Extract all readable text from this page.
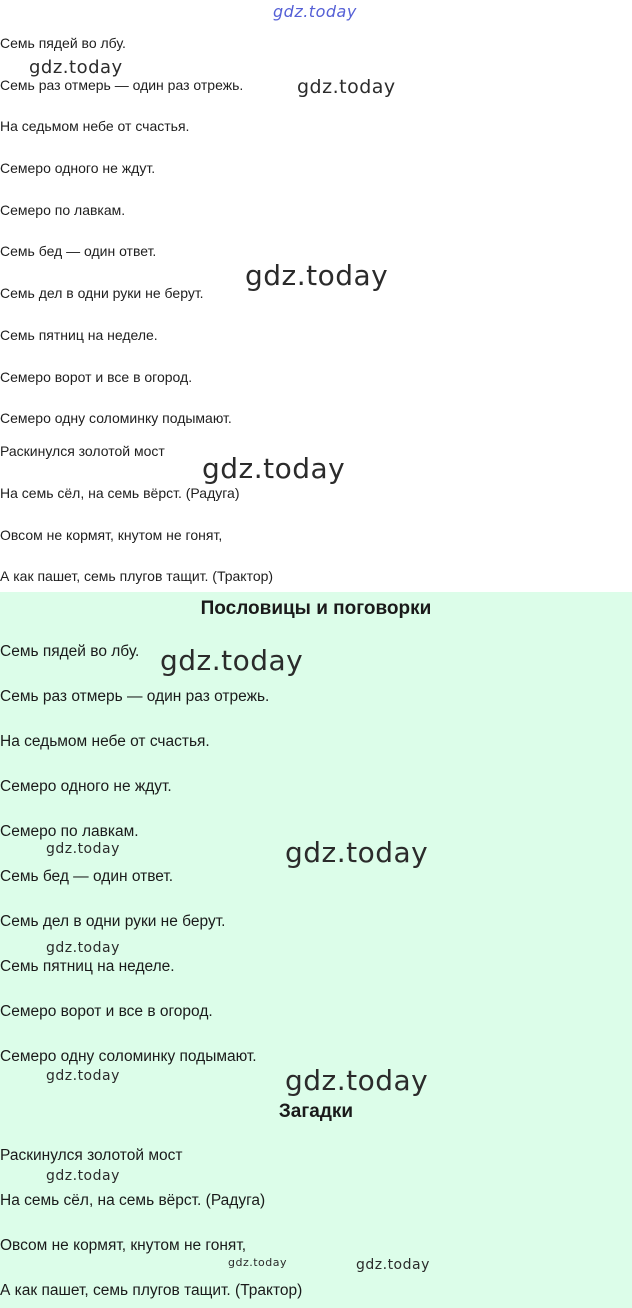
Семь пядей во лбу.

Семь раз отмерь — один раз отрежь.

На седьмом небе от счастья.

Семеро одного не ждут.

Семеро по лавкам.

Семь бед — один ответ.

Семь дел в одни руки не берут.

Семь пятниц на неделе.

Семеро ворот и все в огород.

Семеро одну соломинку подымают.

Раскинулся золотой мост

На семь сёл, на семь вёрст. (Радуга)

Овсом не кормят, кнутом не гонят,

А как пашет, семь плугов тащит. (Трактор)

Пословицы и поговорки

Семь пядей во лбу.

Семь раз отмерь — один раз отрежь.

На седьмом небе от счастья.

Семеро одного не ждут.

Семеро по лавкам.

Семь бед — один ответ.

Семь дел в одни руки не берут.

Семь пятниц на неделе.

Семеро ворот и все в огород.

Семеро одну соломинку подымают.

Загадки

Раскинулся золотой мост

На семь сёл, на семь вёрст. (Радуга)

Овсом не кормят, кнутом не гонят,

А как пашет, семь плугов тащит. (Трактор)

gdz.today
gdz.today
gdz.today
gdz.today
gdz.today
gdz.today
gdz.today	gdz.today
gdz.today
gdz.today	gdz.today
gdz.today
gdz.today	gdz.today
